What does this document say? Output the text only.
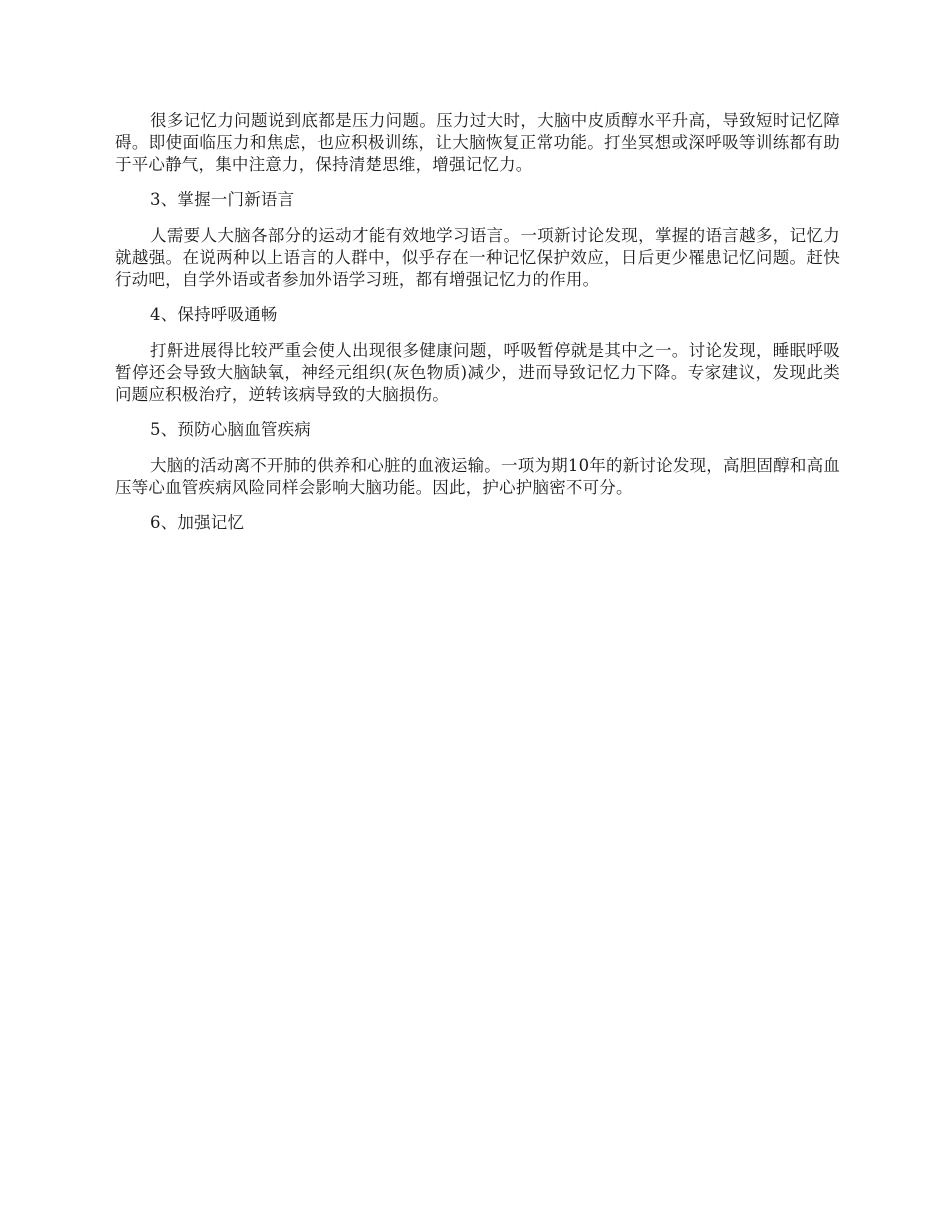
很多记忆力问题说到底都是压力问题。压力过大时，大脑中皮质醇水平升高，导致短时记忆障碍。即使面临压力和焦虑，也应积极训练，让大脑恢复正常功能。打坐冥想或深呼吸等训练都有助于平心静气，集中注意力，保持清楚思维，增强记忆力。

3、掌握一门新语言

人需要人大脑各部分的运动才能有效地学习语言。一项新讨论发现，掌握的语言越多，记忆力就越强。在说两种以上语言的人群中，似乎存在一种记忆保护效应，日后更少罹患记忆问题。赶快行动吧，自学外语或者参加外语学习班，都有增强记忆力的作用。

4、保持呼吸通畅

打鼾进展得比较严重会使人出现很多健康问题，呼吸暂停就是其中之一。讨论发现，睡眠呼吸暂停还会导致大脑缺氧，神经元组织(灰色物质)减少，进而导致记忆力下降。专家建议，发现此类问题应积极治疗，逆转该病导致的大脑损伤。

5、预防心脑血管疾病

大脑的活动离不开肺的供养和心脏的血液运输。一项为期10年的新讨论发现，高胆固醇和高血压等心血管疾病风险同样会影响大脑功能。因此，护心护脑密不可分。

6、加强记忆
